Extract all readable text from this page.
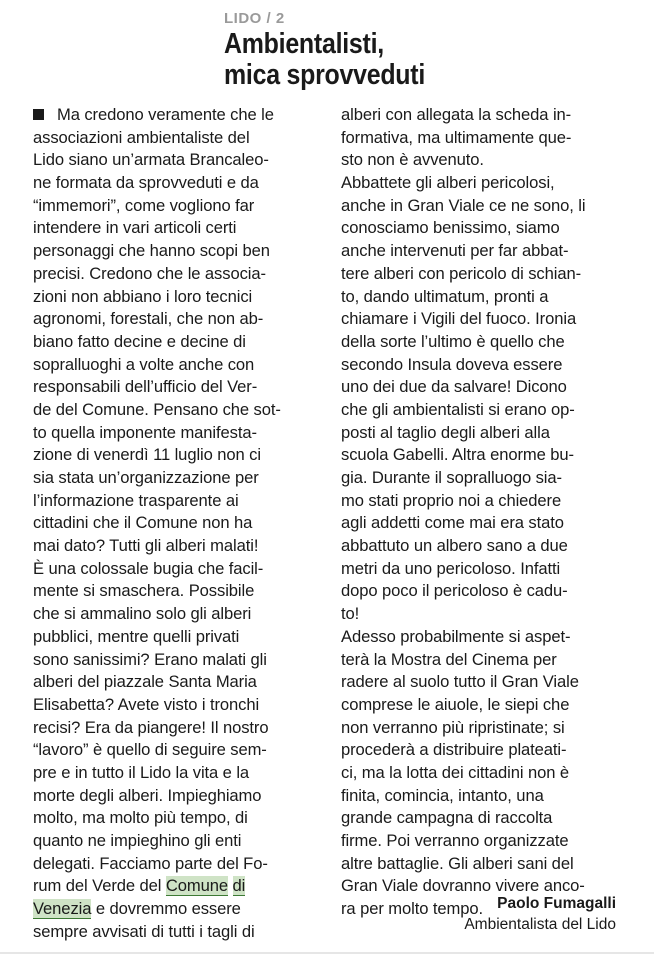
LIDO / 2
Ambientalisti,
mica sprovveduti
Ma credono veramente che le
associazioni ambientaliste del
Lido siano un’armata Brancaleo-
ne formata da sprovveduti e da
“immemori”, come vogliono far
intendere in vari articoli certi
personaggi che hanno scopi ben
precisi. Credono che le associa-
zioni non abbiano i loro tecnici
agronomi, forestali, che non ab-
biano fatto decine e decine di
sopralluoghi a volte anche con
responsabili dell’ufficio del Ver-
de del Comune. Pensano che sot-
to quella imponente manifesta-
zione di venerdì 11 luglio non ci
sia stata un’organizzazione per
l’informazione trasparente ai
cittadini che il Comune non ha
mai dato? Tutti gli alberi malati!
È una colossale bugia che facil-
mente si smaschera. Possibile
che si ammalino solo gli alberi
pubblici, mentre quelli privati
sono sanissimi? Erano malati gli
alberi del piazzale Santa Maria
Elisabetta? Avete visto i tronchi
recisi? Era da piangere! Il nostro
“lavoro” è quello di seguire sem-
pre e in tutto il Lido la vita e la
morte degli alberi. Impieghiamo
molto, ma molto più tempo, di
quanto ne impieghino gli enti
delegati. Facciamo parte del Fo-
rum del Verde del Comune di
Venezia e dovremmo essere
sempre avvisati di tutti i tagli di
alberi con allegata la scheda in-
formativa, ma ultimamente que-
sto non è avvenuto.
Abbattete gli alberi pericolosi,
anche in Gran Viale ce ne sono, li
conosciamo benissimo, siamo
anche intervenuti per far abbat-
tere alberi con pericolo di schian-
to, dando ultimatum, pronti a
chiamare i Vigili del fuoco. Ironia
della sorte l’ultimo è quello che
secondo Insula doveva essere
uno dei due da salvare! Dicono
che gli ambientalisti si erano op-
posti al taglio degli alberi alla
scuola Gabelli. Altra enorme bu-
gia. Durante il sopralluogo sia-
mo stati proprio noi a chiedere
agli addetti come mai era stato
abbattuto un albero sano a due
metri da uno pericoloso. Infatti
dopo poco il pericoloso è cadu-
to!
Adesso probabilmente si aspet-
terà la Mostra del Cinema per
radere al suolo tutto il Gran Viale
comprese le aiuole, le siepi che
non verranno più ripristinate; si
procederà a distribuire plateati-
ci, ma la lotta dei cittadini non è
finita, comincia, intanto, una
grande campagna di raccolta
firme. Poi verranno organizzate
altre battaglie. Gli alberi sani del
Gran Viale dovranno vivere anco-
ra per molto tempo. Paolo Fumagalli
Ambientalista del Lido
